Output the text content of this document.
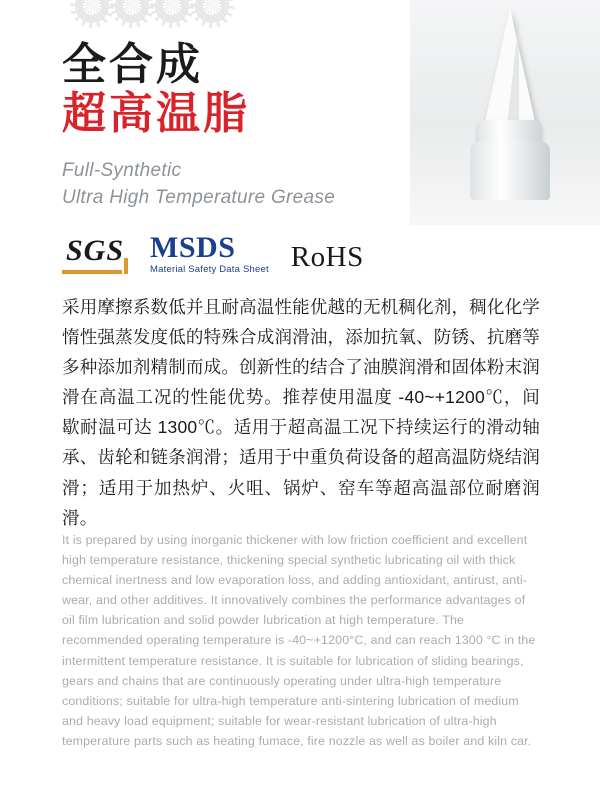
全合成
超高温脂
Full-Synthetic
Ultra High Temperature Grease
SGS MSDS
Material Safety Data Sheet RoHS
采用摩擦系数低并且耐高温性能优越的无机稠化剂，稠化化学惰性强蒸发度低的特殊合成润滑油，添加抗氧、防锈、抗磨等多种添加剂精制而成。创新性的结合了油膜润滑和固体粉末润滑在高温工况的性能优势。推荐使用温度 -40~+1200℃，间歇耐温可达 1300℃。适用于超高温工况下持续运行的滑动轴承、齿轮和链条润滑；适用于中重负荷设备的超高温防烧结润滑；适用于加热炉、火咀、锅炉、窑车等超高温部位耐磨润滑。
It is prepared by using inorganic thickener with low friction coefficient and excellent high temperature resistance, thickening special synthetic lubricating oil with thick chemical inertness and low evaporation loss, and adding antioxidant, antirust, anti-wear, and other additives. It innovatively combines the performance advantages of oil film lubrication and solid powder lubrication at high temperature. The recommended operating temperature is -40~+1200°C, and can reach 1300 °C in the intermittent temperature resistance. It is suitable for lubrication of sliding bearings, gears and chains that are continuously operating under ultra-high temperature conditions; suitable for ultra-high temperature anti-sintering lubrication of medium and heavy load equipment; suitable for wear-resistant lubrication of ultra-high temperature parts such as heating fumace, fire nozzle as well as boiler and kiln car.
